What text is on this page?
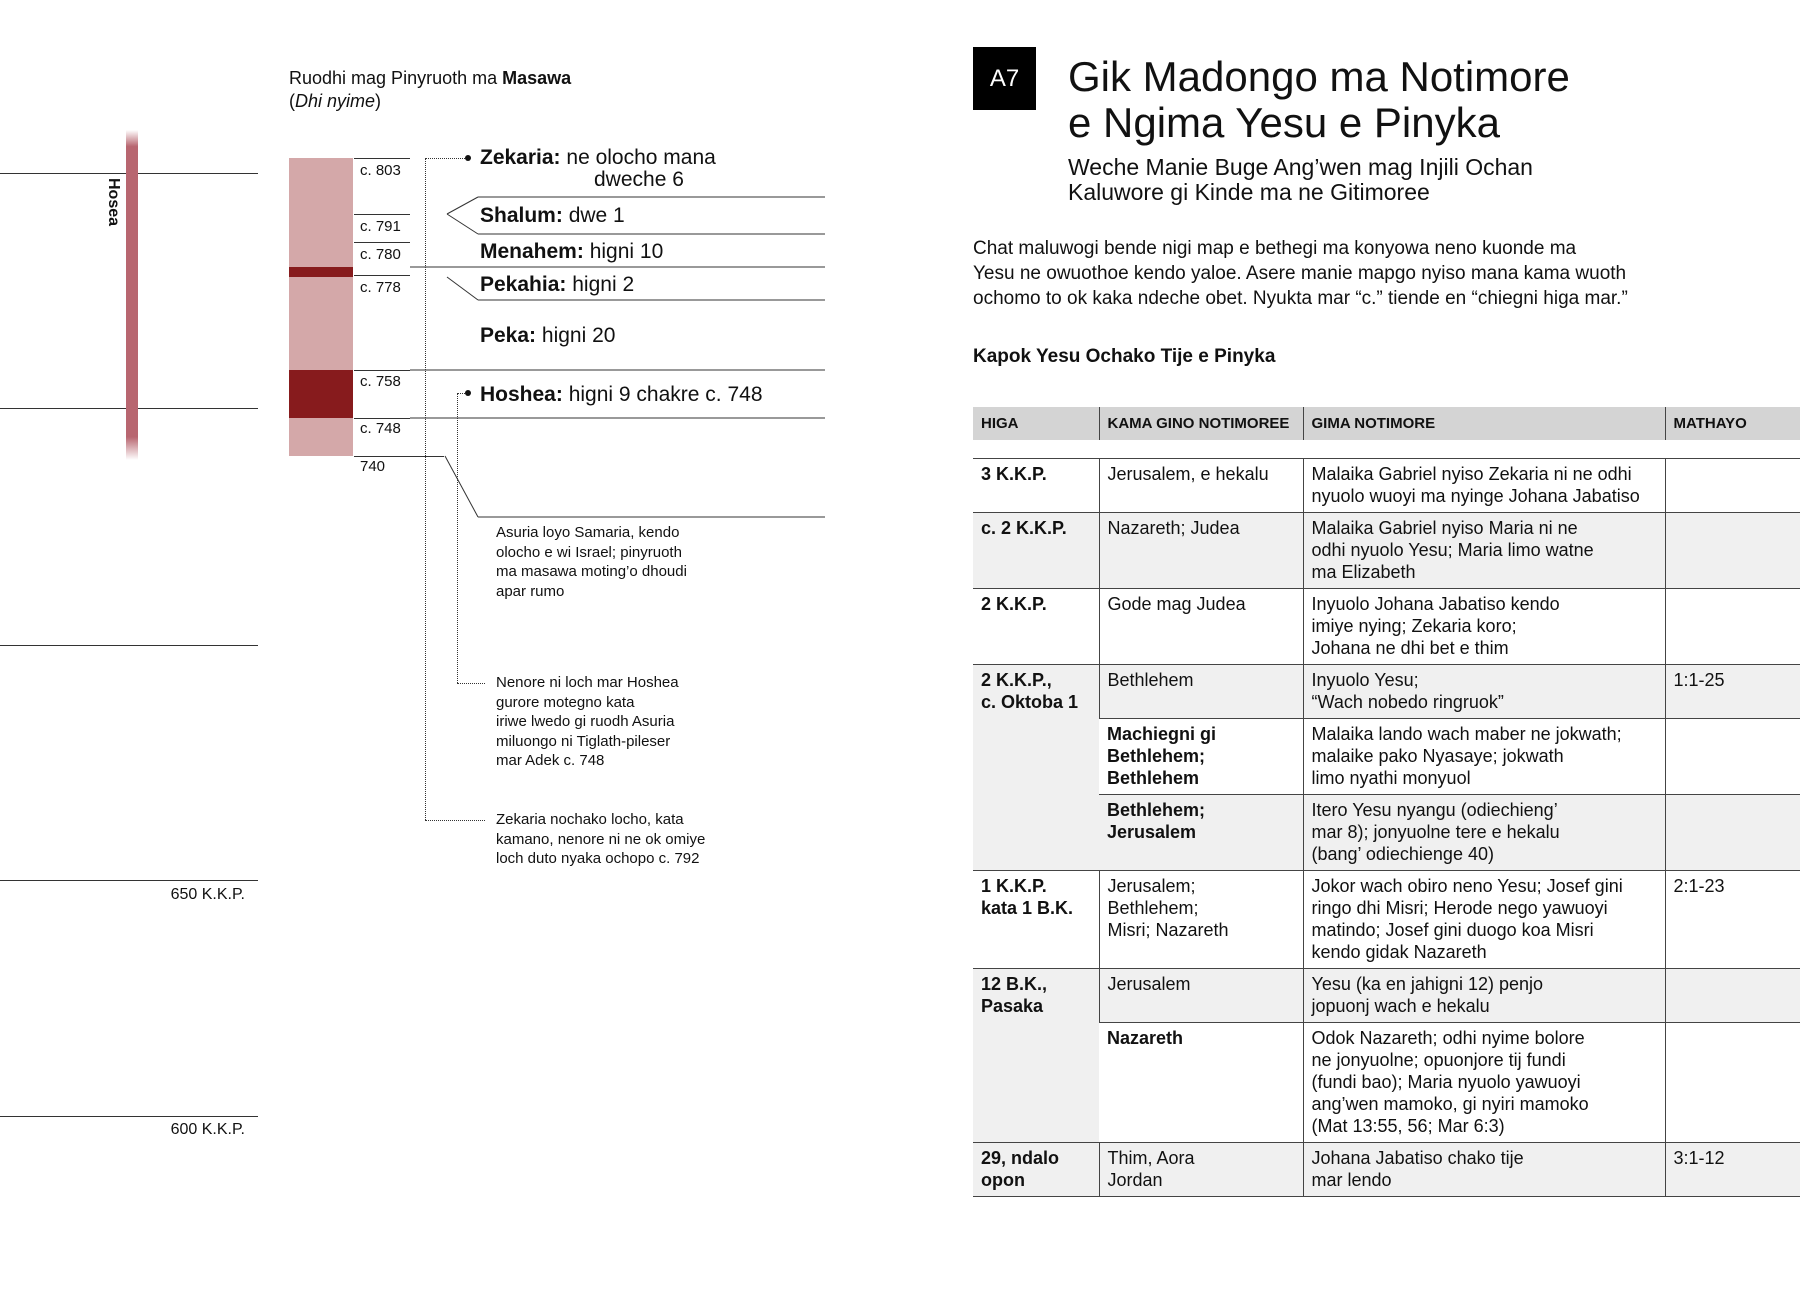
650 K.K.P.
600 K.K.P.
Hosea
Ruodhi mag Pinyruoth ma Masawa
(Dhi nyime)
c. 803
c. 791
c. 780
c. 778
c. 758
c. 748
740
Zekaria: ne olocho mana
dweche 6
Shalum: dwe 1
Menahem: higni 10
Pekahia: higni 2
Peka: higni 20
Hoshea: higni 9 chakre c. 748
Asuria loyo Samaria, kendo
olocho e wi Israel; pinyruoth
ma masawa moting’o dhoudi
apar rumo
Nenore ni loch mar Hoshea
gurore motegno kata
iriwe lwedo gi ruodh Asuria
miluongo ni Tiglath-pileser
mar Adek c. 748
Zekaria nochako locho, kata
kamano, nenore ni ne ok omiye
loch duto nyaka ochopo c. 792
A7	Gik Madongo ma Notimore
e Ngima Yesu e Pinyka
Weche Manie Buge Ang’wen mag Injili Ochan
Kaluwore gi Kinde ma ne Gitimoree

Chat maluwogi bende nigi map e bethegi ma konyowa neno kuonde ma
Yesu ne owuothoe kendo yaloe. Asere manie mapgo nyiso mana kama wuoth
ochomo to ok kaka ndeche obet. Nyukta mar “c.” tiende en “chiegni higa mar.”

Kapok Yesu Ochako Tije e Pinyka
HIGA	KAMA GINO NOTIMOREE	GIMA NOTIMORE	MATHAYO

3 K.K.P.	Jerusalem, e hekalu	Malaika Gabriel nyiso Zekaria ni ne odhi
nyuolo wuoyi ma nyinge Johana Jabatiso	
c. 2 K.K.P.	Nazareth; Judea	Malaika Gabriel nyiso Maria ni ne
odhi nyuolo Yesu; Maria limo watne
ma Elizabeth	
2 K.K.P.	Gode mag Judea	Inyuolo Johana Jabatiso kendo
imiye nying; Zekaria koro;
Johana ne dhi bet e thim	
2 K.K.P.,
c. Oktoba 1	Bethlehem	Inyuolo Yesu;
“Wach nobedo ringruok”	1:1-25
	Machiegni gi
Bethlehem;
Bethlehem	Malaika lando wach maber ne jokwath;
malaike pako Nyasaye; jokwath
limo nyathi monyuol	
	Bethlehem;
Jerusalem	Itero Yesu nyangu (odiechieng’
mar 8); jonyuolne tere e hekalu
(bang’ odiechienge 40)	
1 K.K.P.
kata 1 B.K.	Jerusalem;
Bethlehem;
Misri; Nazareth	Jokor wach obiro neno Yesu; Josef gini
ringo dhi Misri; Herode nego yawuoyi
matindo; Josef gini duogo koa Misri
kendo gidak Nazareth	2:1-23
12 B.K.,
Pasaka	Jerusalem	Yesu (ka en jahigni 12) penjo
jopuonj wach e hekalu	
	Nazareth	Odok Nazareth; odhi nyime bolore
ne jonyuolne; opuonjore tij fundi
(fundi bao); Maria nyuolo yawuoyi
ang’wen mamoko, gi nyiri mamoko
(Mat 13:55, 56; Mar 6:3)	
29, ndalo
opon	Thim, Aora
Jordan	Johana Jabatiso chako tije
mar lendo	3:1-12
